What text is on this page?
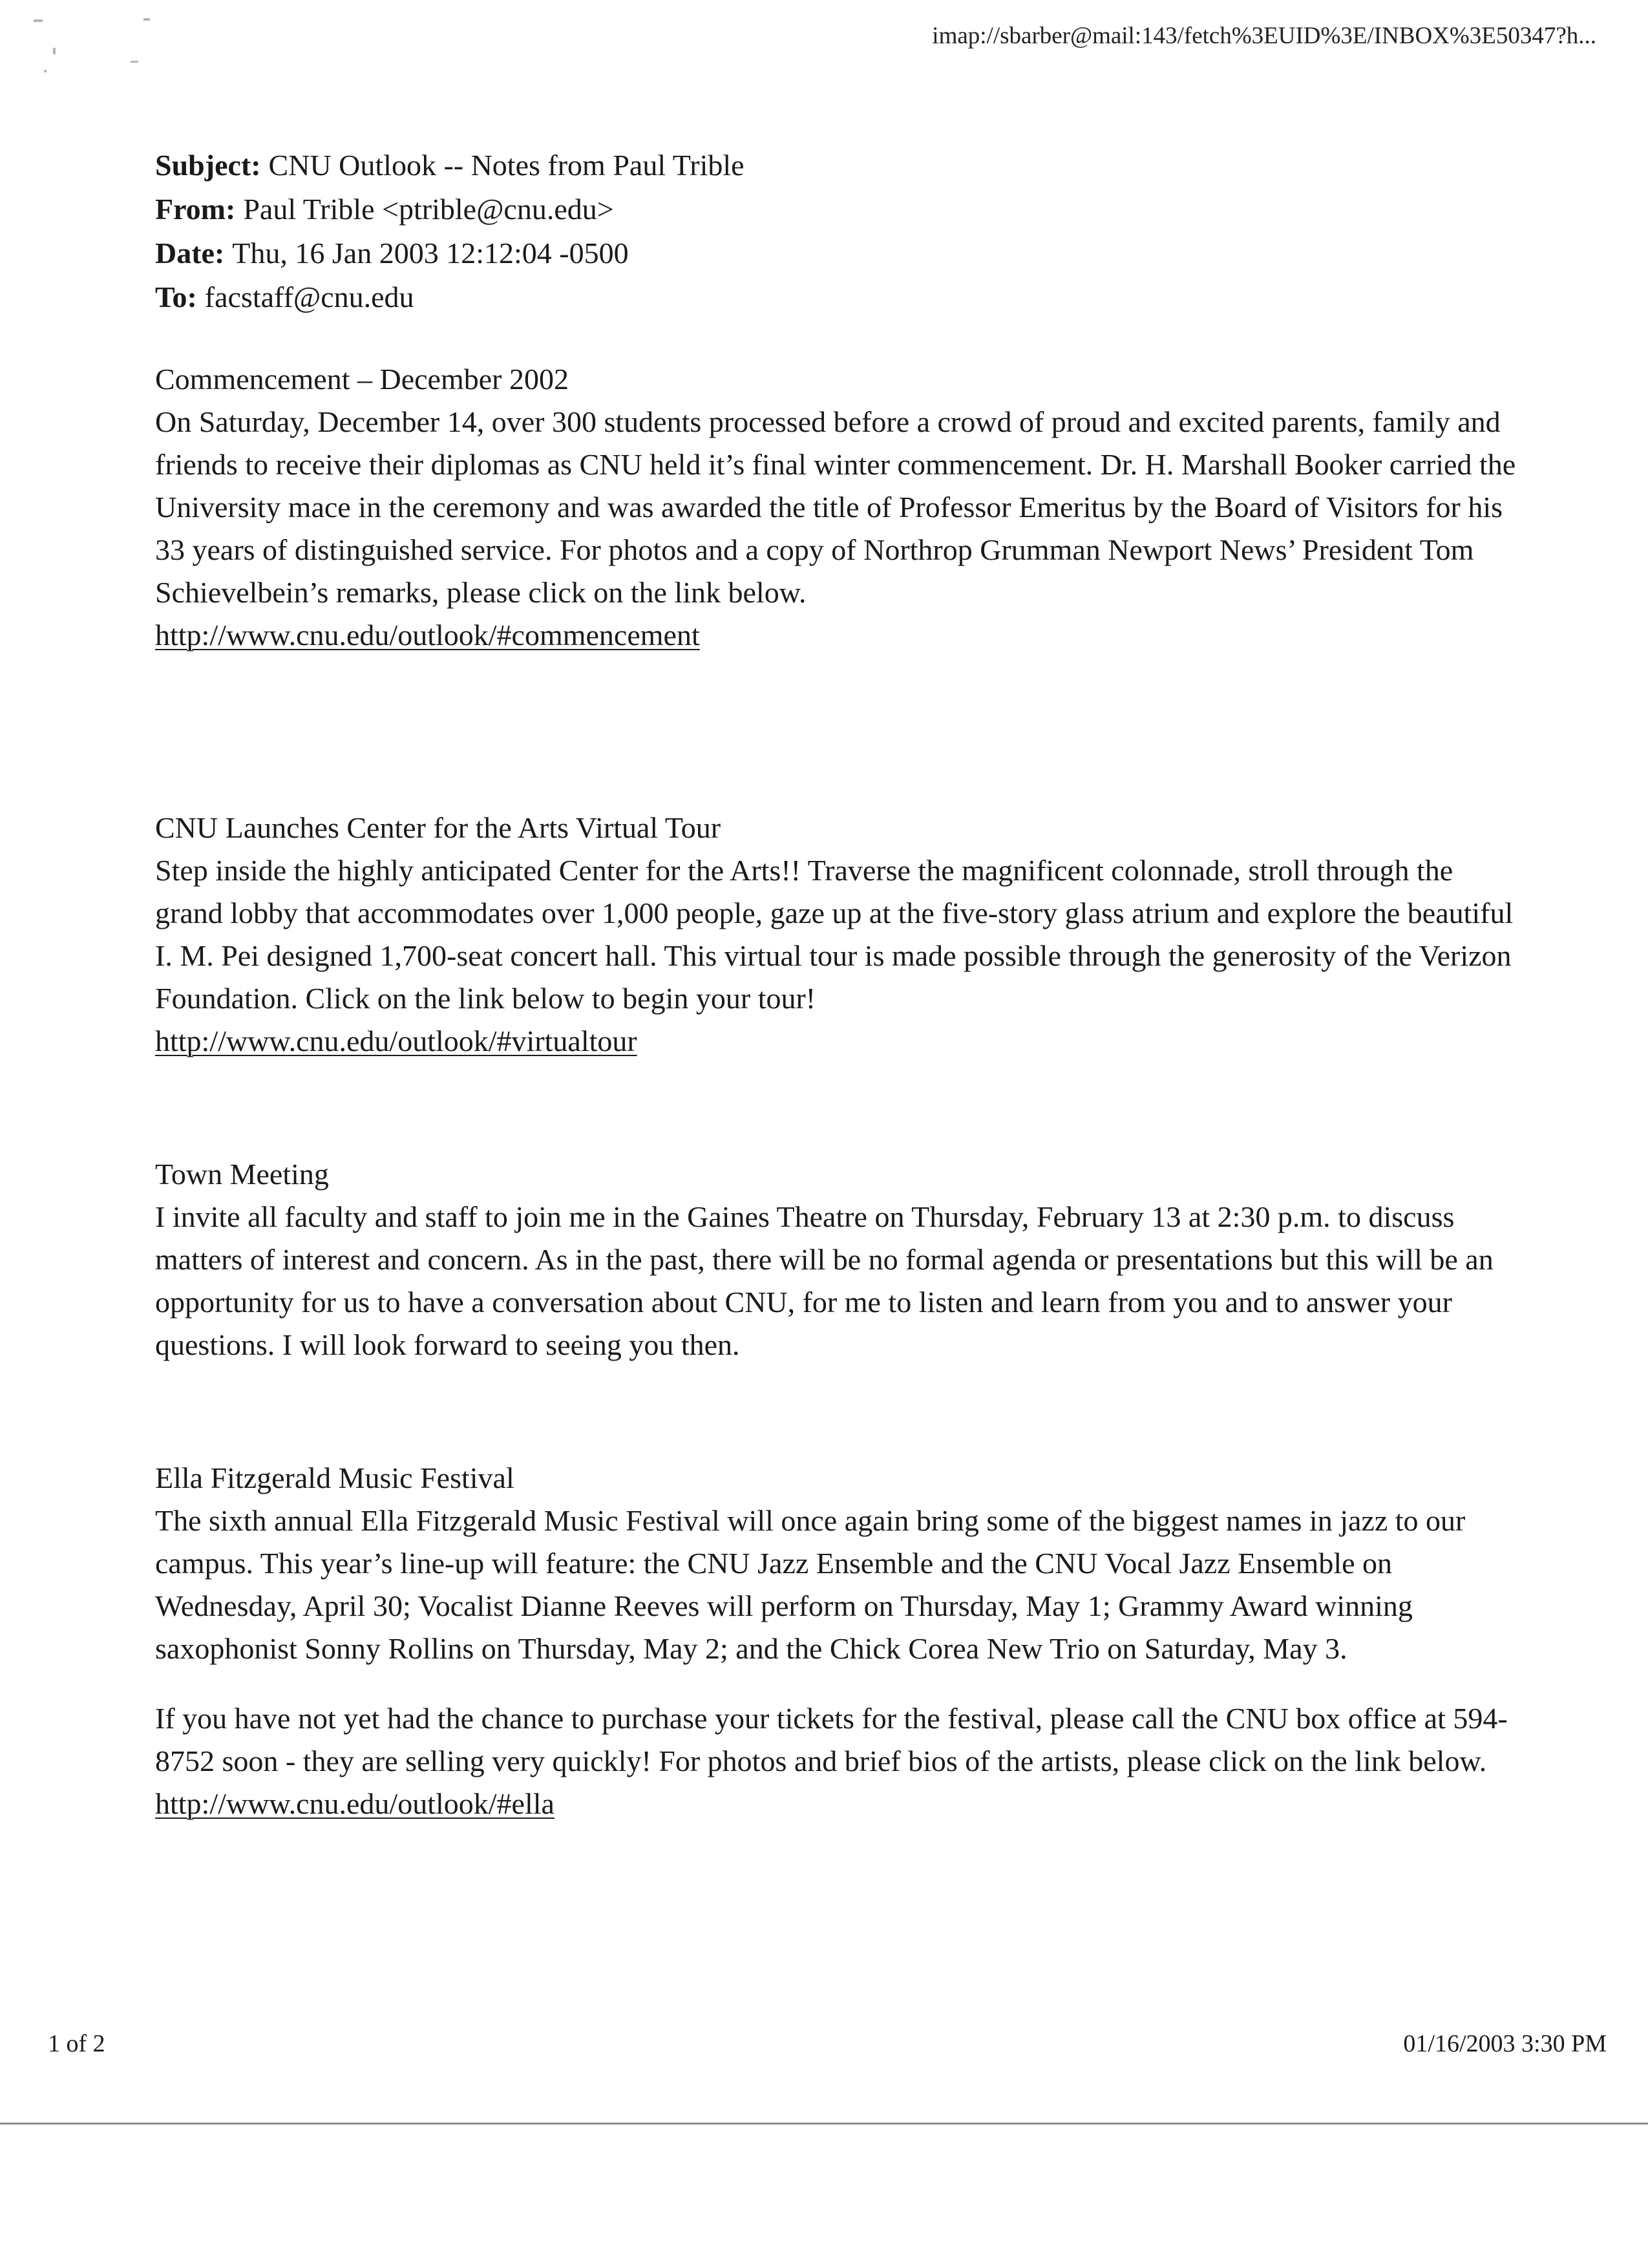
imap://sbarber@mail:143/fetch%3EUID%3E/INBOX%3E50347?h...
Subject: CNU Outlook -- Notes from Paul Trible
From: Paul Trible <ptrible@cnu.edu>
Date: Thu, 16 Jan 2003 12:12:04 -0500
To: facstaff@cnu.edu
Commencement – December 2002
On Saturday, December 14, over 300 students processed before a crowd of proud and excited parents, family and friends to receive their diplomas as CNU held it’s final winter commencement. Dr. H. Marshall Booker carried the University mace in the ceremony and was awarded the title of Professor Emeritus by the Board of Visitors for his 33 years of distinguished service. For photos and a copy of Northrop Grumman Newport News’ President Tom Schievelbein’s remarks, please click on the link below.
http://www.cnu.edu/outlook/#commencement
CNU Launches Center for the Arts Virtual Tour
Step inside the highly anticipated Center for the Arts!! Traverse the magnificent colonnade, stroll through the grand lobby that accommodates over 1,000 people, gaze up at the five-story glass atrium and explore the beautiful I. M. Pei designed 1,700-seat concert hall. This virtual tour is made possible through the generosity of the Verizon Foundation. Click on the link below to begin your tour!
http://www.cnu.edu/outlook/#virtualtour
Town Meeting
I invite all faculty and staff to join me in the Gaines Theatre on Thursday, February 13 at 2:30 p.m. to discuss matters of interest and concern. As in the past, there will be no formal agenda or presentations but this will be an opportunity for us to have a conversation about CNU, for me to listen and learn from you and to answer your questions. I will look forward to seeing you then.
Ella Fitzgerald Music Festival
The sixth annual Ella Fitzgerald Music Festival will once again bring some of the biggest names in jazz to our campus. This year’s line-up will feature: the CNU Jazz Ensemble and the CNU Vocal Jazz Ensemble on Wednesday, April 30; Vocalist Dianne Reeves will perform on Thursday, May 1; Grammy Award winning saxophonist Sonny Rollins on Thursday, May 2; and the Chick Corea New Trio on Saturday, May 3.
If you have not yet had the chance to purchase your tickets for the festival, please call the CNU box office at 594-8752 soon - they are selling very quickly! For photos and brief bios of the artists, please click on the link below.
http://www.cnu.edu/outlook/#ella
1 of 2	01/16/2003 3:30 PM
